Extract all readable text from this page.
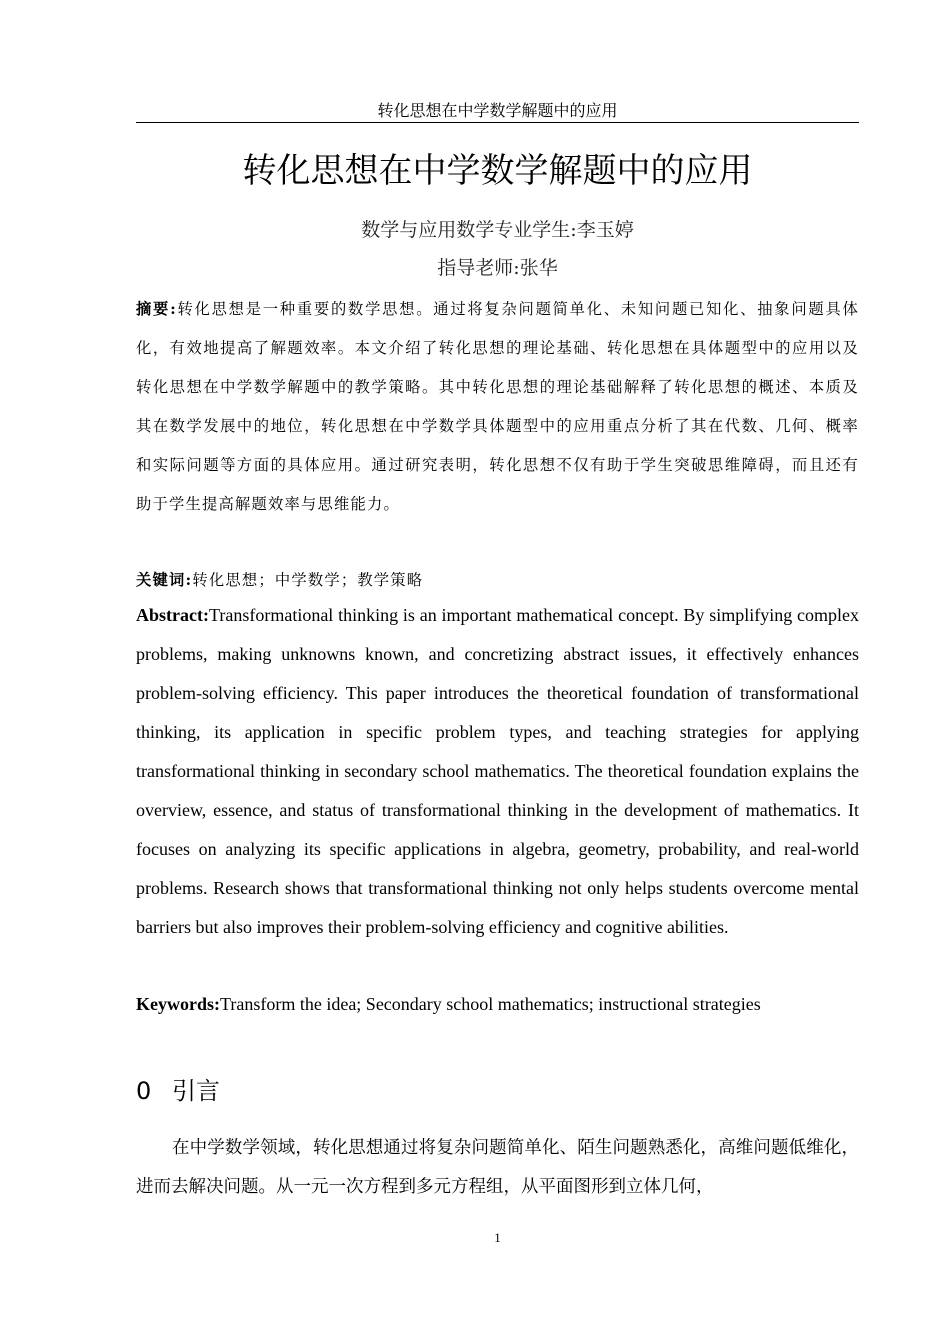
转化思想在中学数学解题中的应用
转化思想在中学数学解题中的应用
数学与应用数学专业学生:李玉婷
指导老师:张华
摘要:转化思想是一种重要的数学思想。通过将复杂问题简单化、未知问题已知化、抽象问题具体化，有效地提高了解题效率。本文介绍了转化思想的理论基础、转化思想在具体题型中的应用以及转化思想在中学数学解题中的教学策略。其中转化思想的理论基础解释了转化思想的概述、本质及其在数学发展中的地位，转化思想在中学数学具体题型中的应用重点分析了其在代数、几何、概率和实际问题等方面的具体应用。通过研究表明，转化思想不仅有助于学生突破思维障碍，而且还有助于学生提高解题效率与思维能力。
关键词:转化思想；中学数学；教学策略
Abstract:Transformational thinking is an important mathematical concept. By simplifying complex problems, making unknowns known, and concretizing abstract issues, it effectively enhances problem-solving efficiency. This paper introduces the theoretical foundation of transformational thinking, its application in specific problem types, and teaching strategies for applying transformational thinking in secondary school mathematics. The theoretical foundation explains the overview, essence, and status of transformational thinking in the development of mathematics. It focuses on analyzing its specific applications in algebra, geometry, probability, and real-world problems. Research shows that transformational thinking not only helps students overcome mental barriers but also improves their problem-solving efficiency and cognitive abilities.
Keywords:Transform the idea; Secondary school mathematics; instructional strategies
0 引言
在中学数学领域，转化思想通过将复杂问题简单化、陌生问题熟悉化，高维问题低维化，进而去解决问题。从一元一次方程到多元方程组，从平面图形到立体几何，
1
